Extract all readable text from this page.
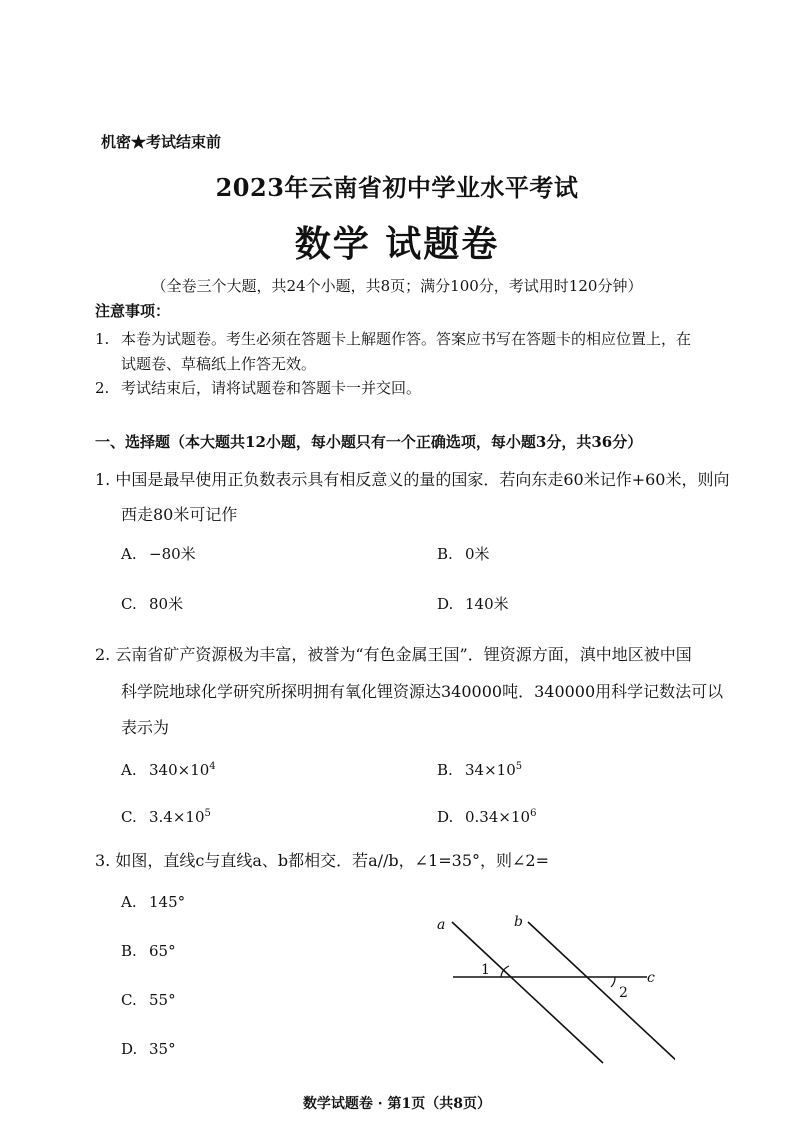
机密★考试结束前
2023年云南省初中学业水平考试
数学 试题卷
（全卷三个大题，共24个小题，共8页；满分100分，考试用时120分钟）
注意事项：
1. 本卷为试题卷。考生必须在答题卡上解题作答。答案应书写在答题卡的相应位置上，在
试题卷、草稿纸上作答无效。
2. 考试结束后，请将试题卷和答题卡一并交回。
一、选择题（本大题共12小题，每小题只有一个正确选项，每小题3分，共36分）
1. 中国是最早使用正负数表示具有相反意义的量的国家．若向东走60米记作+60米，则向
西走80米可记作
A. −80米	B. 0米
C. 80米	D. 140米
2. 云南省矿产资源极为丰富，被誉为“有色金属王国”．锂资源方面，滇中地区被中国
科学院地球化学研究所探明拥有氧化锂资源达340000吨．340000用科学记数法可以
表示为
A. $340\times 10^4$	B. $34\times 10^5$
C. $3.4\times 10^5$	D. $0.34\times 10^6$
3. 如图，直线c与直线a、b都相交．若a//b，∠1=35°，则∠2=
A. 145°
B. 65°
C. 55°
D. 35°
a	b
c
1
2
数学试题卷 · 第1页（共8页）
